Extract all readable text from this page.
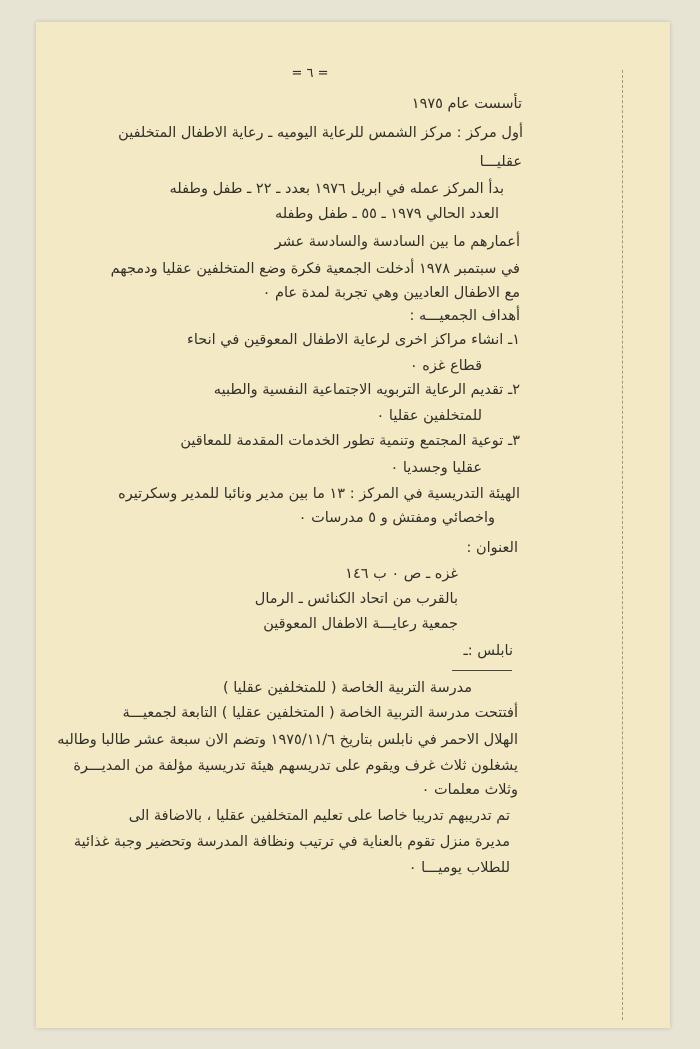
= ٦ =
تأسست عام ١٩٧٥
أول مركز : مركز الشمس للرعاية اليوميه ـ رعاية الاطفال المتخلفين
عقليـــا
بدأ المركز عمله في ابريل ١٩٧٦ بعدد ـ ٢٢ ـ طفل وطفله
العدد الحالي ١٩٧٩ ـ ٥٥ ـ طفل وطفله
أعمارهم ما بين السادسة والسادسة عشر
في سبتمبر ١٩٧٨ أدخلت الجمعية فكرة وضع المتخلفين عقليا ودمجهم
مع الاطفال العاديين وهي تجربة لمدة عام ٠
أهداف الجمعيـــه :
١ـ انشاء مراكز اخرى لرعاية الاطفال المعوقين في انحاء
قطاع غزه ٠
٢ـ تقديم الرعاية التربويه الاجتماعية النفسية والطبيه
للمتخلفين عقليا ٠
٣ـ توعية المجتمع وتنمية تطور الخدمات المقدمة للمعاقين
عقليا وجسديا ٠
الهيئة التدريسية في المركز : ١٣ ما بين مدير ونائبا للمدير وسكرتيره
واخصائي ومفتش و ٥ مدرسات ٠
العنوان :
غزه ـ ص ٠ ب ١٤٦
بالقرب من اتحاد الكنائس ـ الرمال
جمعية رعايـــة الاطفال المعوقين
نابلس :ـ
مدرسة التربية الخاصة ( للمتخلفين عقليا )
أفتتحت مدرسة التربية الخاصة ( المتخلفين عقليا ) التابعة لجمعيـــة
الهلال الاحمر في نابلس بتاريخ ١٩٧٥/١١/٦ وتضم الان سبعة عشر طالبا وطالبه
يشغلون ثلاث غرف ويقوم على تدريسهم هيئة تدريسية مؤلفة من المديـــرة
وثلاث معلمات ٠
تم تدريبهم تدريبا خاصا على تعليم المتخلفين عقليا ، بالاضافة الى
مديرة منزل تقوم بالعناية في ترتيب ونظافة المدرسة وتحضير وجبة غذائية
للطلاب يوميـــا ٠
